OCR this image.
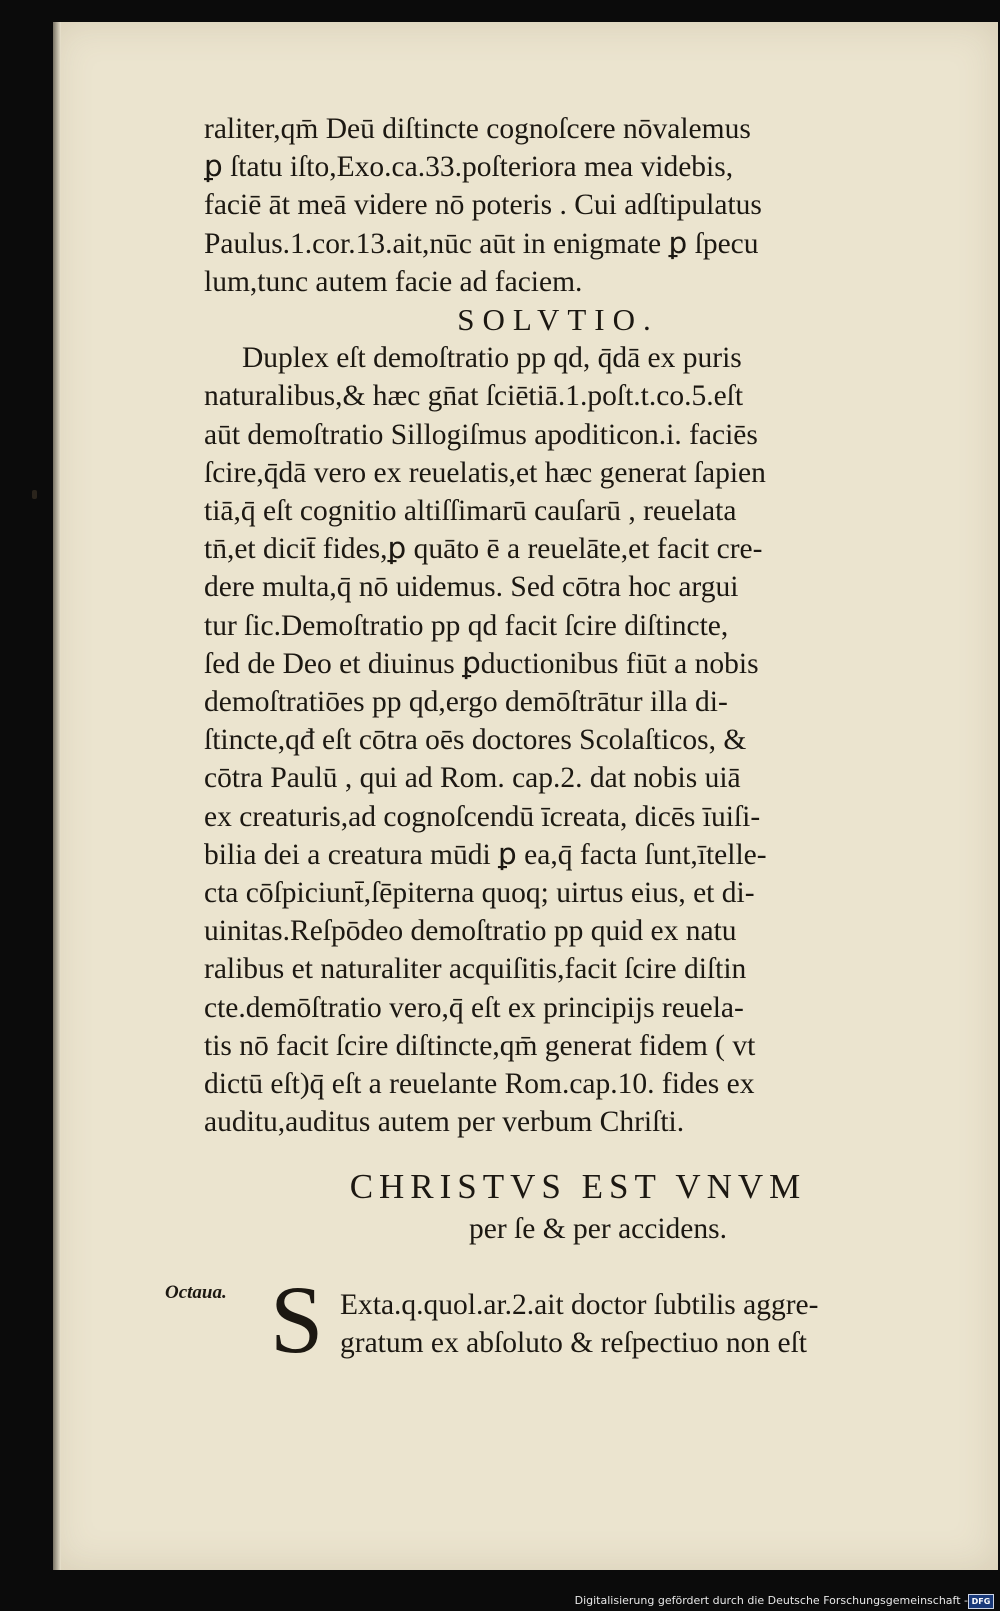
raliter,qm̄ Deū diſtincte cognoſcere nōvalemus
ꝑ ſtatu iſto,Exo.ca.33.poſteriora mea videbis,
faciē āt meā videre nō poteris . Cui adſtipulatus
Paulus.1.cor.13.ait,nūc aūt in enigmate ꝑ ſpecu
lum,tunc autem facie ad faciem.
SOLVTIO.
Duplex eſt demoſtratio pp qd, q̄dā ex puris
naturalibus,& hæc gn̄at ſciētiā.1.poſt.t.co.5.eſt
aūt demoſtratio Sillogiſmus apoditicon.i. faciēs
ſcire,q̄dā vero ex reuelatis,et hæc generat ſapien
tiā,q̄ eſt cognitio altiſſimarū cauſarū , reuelata
tn̄,et dicit̄ fides,ꝑ quāto ē a reuelāte,et facit cre-
dere multa,q̄ nō uidemus. Sed cōtra hoc argui
tur ſic.Demoſtratio pp qd facit ſcire diſtincte,
ſed de Deo et diuinus ꝑductionibus fiūt a nobis
demoſtratiōes pp qd,ergo demōſtrātur illa di-
ſtincte,qđ eſt cōtra oēs doctores Scolaſticos, &
cōtra Paulū , qui ad Rom. cap.2. dat nobis uiā
ex creaturis,ad cognoſcendū īcreata, dicēs īuiſi-
bilia dei a creatura mūdi ꝑ ea,q̄ facta ſunt,ītelle-
cta cōſpiciunt̄,ſēpiterna quoq; uirtus eius, et di-
uinitas.Reſpōdeo demoſtratio pp quid ex natu
ralibus et naturaliter acquiſitis,facit ſcire diſtin
cte.demōſtratio vero,q̄ eſt ex principijs reuela-
tis nō facit ſcire diſtincte,qm̄ generat fidem ( vt
dictū eſt)q̄ eſt a reuelante Rom.cap.10. fides ex
auditu,auditus autem per verbum Chriſti.
CHRISTVS EST VNVM
per ſe & per accidens.
Octaua. S Exta.q.quol.ar.2.ait doctor ſubtilis aggre-
gratum ex abſoluto & reſpectiuo non eſt
Digitalisierung gefördert durch die Deutsche Forschungsgemeinschaft - DFG
